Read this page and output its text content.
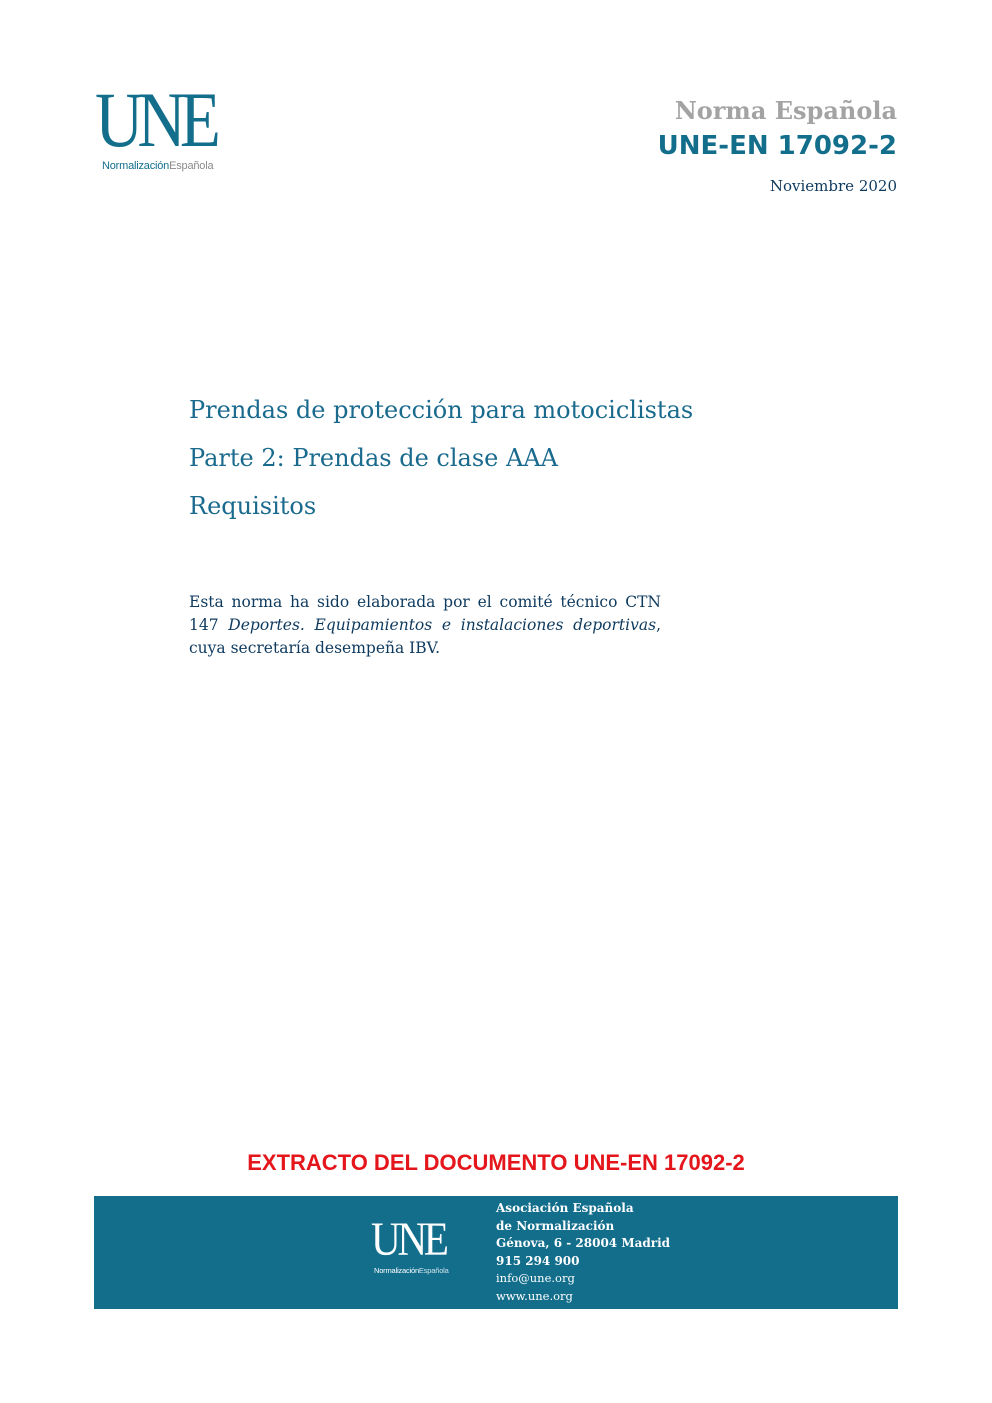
UNE
NormalizaciónEspañola
Norma Española
UNE-EN 17092-2
Noviembre 2020
Prendas de protección para motociclistas
Parte 2: Prendas de clase AAA
Requisitos
Esta norma ha sido elaborada por el comité técnico CTN 147 Deportes. Equipamientos e instalaciones deportivas, cuya secretaría desempeña IBV.
EXTRACTO DEL DOCUMENTO UNE-EN 17092-2
UNE
NormalizaciónEspañola
Asociación Española
de Normalización
Génova, 6 - 28004 Madrid
915 294 900
info@une.org
www.une.org
